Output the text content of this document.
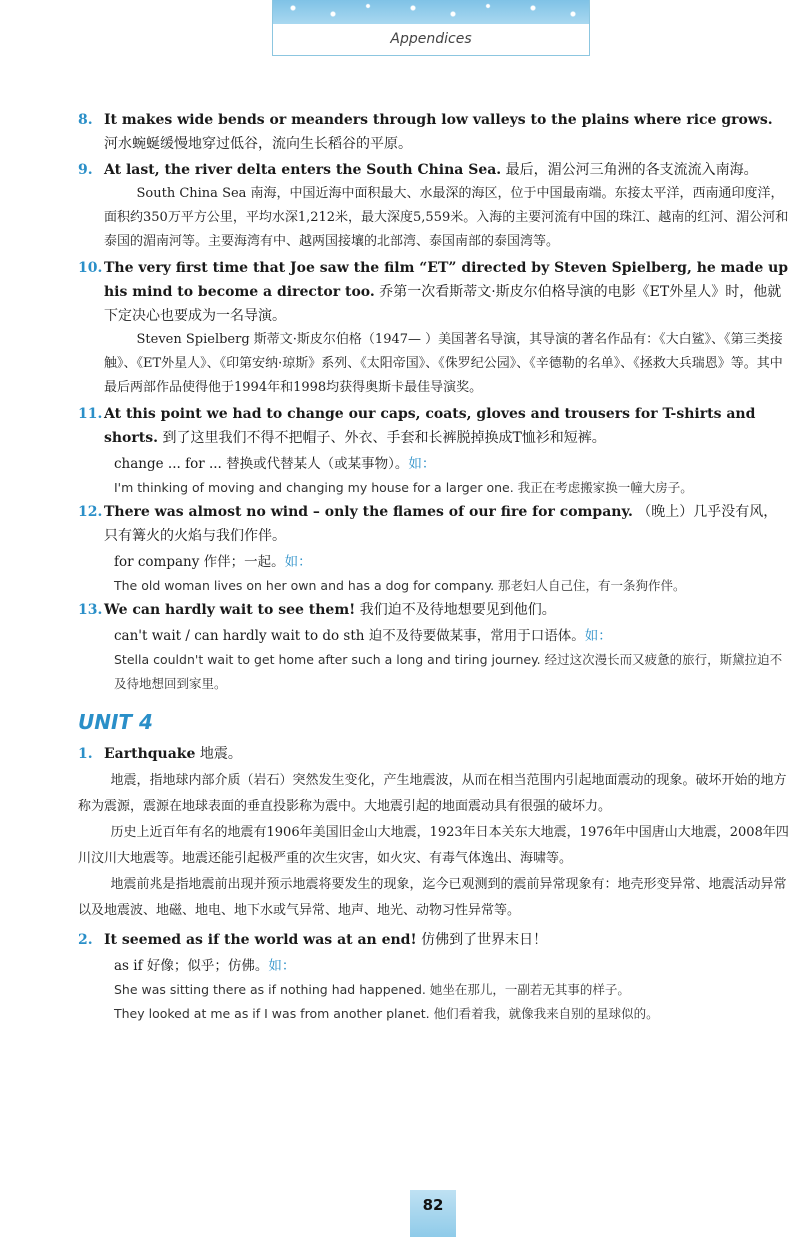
Appendices
8. It makes wide bends or meanders through low valleys to the plains where rice grows. 河水蜿蜒缓慢地穿过低谷，流向生长稻谷的平原。
9. At last, the river delta enters the South China Sea. 最后，湄公河三角洲的各支流流入南海。
South China Sea 南海，中国近海中面积最大、水最深的海区，位于中国最南端。东接太平洋，西南通印度洋，面积约350万平方公里，平均水深1,212米，最大深度5,559米。入海的主要河流有中国的珠江、越南的红河、湄公河和泰国的湄南河等。主要海湾有中、越两国接壤的北部湾、泰国南部的泰国湾等。
10. The very first time that Joe saw the film “ET” directed by Steven Spielberg, he made up his mind to become a director too. 乔第一次看斯蒂文·斯皮尔伯格导演的电影《ET外星人》时，他就下定决心也要成为一名导演。
Steven Spielberg 斯蒂文·斯皮尔伯格（1947— ）美国著名导演，其导演的著名作品有：《大白鲨》、《第三类接触》、《ET外星人》、《印第安纳·琼斯》系列、《太阳帝国》、《侏罗纪公园》、《辛德勒的名单》、《拯救大兵瑞恩》等。其中最后两部作品使得他于1994年和1998均获得奥斯卡最佳导演奖。
11. At this point we had to change our caps, coats, gloves and trousers for T-shirts and shorts. 到了这里我们不得不把帽子、外衣、手套和长裤脱掉换成T恤衫和短裤。
change ... for ... 替换或代替某人（或某事物）。如：
I'm thinking of moving and changing my house for a larger one. 我正在考虑搬家换一幢大房子。
12. There was almost no wind – only the flames of our fire for company. （晚上）几乎没有风，只有篝火的火焰与我们作伴。
for company 作伴；一起。如：
The old woman lives on her own and has a dog for company. 那老妇人自己住，有一条狗作伴。
13. We can hardly wait to see them! 我们迫不及待地想要见到他们。
can't wait / can hardly wait to do sth 迫不及待要做某事，常用于口语体。如：
Stella couldn't wait to get home after such a long and tiring journey. 经过这次漫长而又疲惫的旅行，斯黛拉迫不及待地想回到家里。
UNIT 4
1. Earthquake 地震。
地震，指地球内部介质（岩石）突然发生变化，产生地震波，从而在相当范围内引起地面震动的现象。破坏开始的地方称为震源，震源在地球表面的垂直投影称为震中。大地震引起的地面震动具有很强的破坏力。
历史上近百年有名的地震有1906年美国旧金山大地震，1923年日本关东大地震，1976年中国唐山大地震，2008年四川汶川大地震等。地震还能引起极严重的次生灾害，如火灾、有毒气体逸出、海啸等。
地震前兆是指地震前出现并预示地震将要发生的现象，迄今已观测到的震前异常现象有：地壳形变异常、地震活动异常以及地震波、地磁、地电、地下水或气异常、地声、地光、动物习性异常等。
2. It seemed as if the world was at an end! 仿佛到了世界末日！
as if 好像；似乎；仿佛。如：
She was sitting there as if nothing had happened. 她坐在那儿，一副若无其事的样子。
They looked at me as if I was from another planet. 他们看着我，就像我来自别的星球似的。
82
